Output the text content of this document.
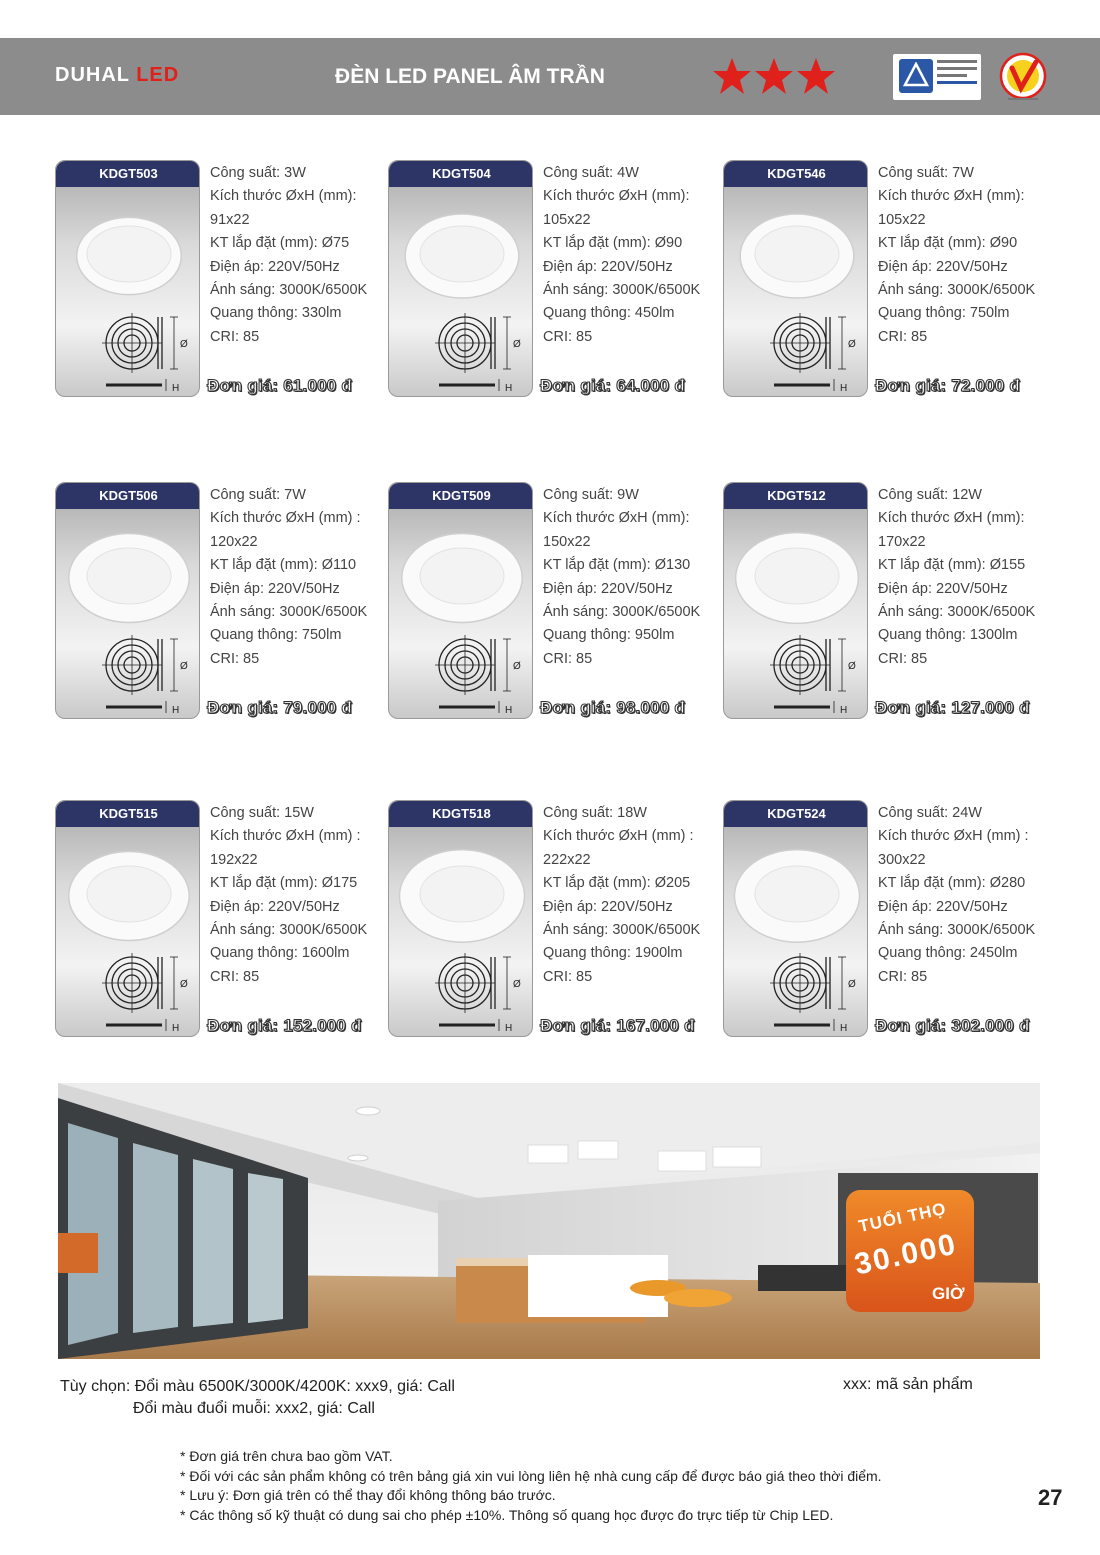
DUHAL LED	ĐÈN LED PANEL ÂM TRẦN
KDGT503
Ø
H
Công suất: 3W
Kích thước ØxH (mm):
91x22
KT lắp đặt (mm): Ø75
Điện áp: 220V/50Hz
Ánh sáng: 3000K/6500K
Quang thông: 330lm
CRI: 85
Đơn giá: 61.000 đ
KDGT504
Ø
H
Công suất: 4W
Kích thước ØxH (mm):
105x22
KT lắp đặt (mm): Ø90
Điện áp: 220V/50Hz
Ánh sáng: 3000K/6500K
Quang thông: 450lm
CRI: 85
Đơn giá: 64.000 đ
KDGT546
Ø
H
Công suất: 7W
Kích thước ØxH (mm):
105x22
KT lắp đặt (mm): Ø90
Điện áp: 220V/50Hz
Ánh sáng: 3000K/6500K
Quang thông: 750lm
CRI: 85
Đơn giá: 72.000 đ
KDGT506
Ø
H
Công suất: 7W
Kích thước ØxH (mm) :
120x22
KT lắp đặt (mm): Ø110
Điện áp: 220V/50Hz
Ánh sáng: 3000K/6500K
Quang thông: 750lm
CRI: 85
Đơn giá: 79.000 đ
KDGT509
Ø
H
Công suất: 9W
Kích thước ØxH (mm):
150x22
KT lắp đặt (mm): Ø130
Điện áp: 220V/50Hz
Ánh sáng: 3000K/6500K
Quang thông: 950lm
CRI: 85
Đơn giá: 98.000 đ
KDGT512
Ø
H
Công suất: 12W
Kích thước ØxH (mm):
170x22
KT lắp đặt (mm): Ø155
Điện áp: 220V/50Hz
Ánh sáng: 3000K/6500K
Quang thông: 1300lm
CRI: 85
Đơn giá: 127.000 đ
KDGT515
Ø
H
Công suất: 15W
Kích thước ØxH (mm) :
192x22
KT lắp đặt (mm): Ø175
Điện áp: 220V/50Hz
Ánh sáng: 3000K/6500K
Quang thông: 1600lm
CRI: 85
Đơn giá: 152.000 đ
KDGT518
Ø
H
Công suất: 18W
Kích thước ØxH (mm) :
222x22
KT lắp đặt (mm): Ø205
Điện áp: 220V/50Hz
Ánh sáng: 3000K/6500K
Quang thông: 1900lm
CRI: 85
Đơn giá: 167.000 đ
KDGT524
Ø
H
Công suất: 24W
Kích thước ØxH (mm) :
300x22
KT lắp đặt (mm): Ø280
Điện áp: 220V/50Hz
Ánh sáng: 3000K/6500K
Quang thông: 2450lm
CRI: 85
Đơn giá: 302.000 đ
TUỔI THỌ
30.000
GIỜ
Tùy chọn: Đổi màu 6500K/3000K/4200K: xxx9, giá: Call
Đổi màu đuổi muỗi: xxx2, giá: Call
xxx: mã sản phẩm
* Đơn giá trên chưa bao gồm VAT.
* Đối với các sản phẩm không có trên bảng giá xin vui lòng liên hệ nhà cung cấp để được báo giá theo thời điểm.
* Lưu ý: Đơn giá trên có thể thay đổi không thông báo trước.
* Các thông số kỹ thuật có dung sai cho phép ±10%. Thông số quang học được đo trực tiếp từ Chip LED.
27
